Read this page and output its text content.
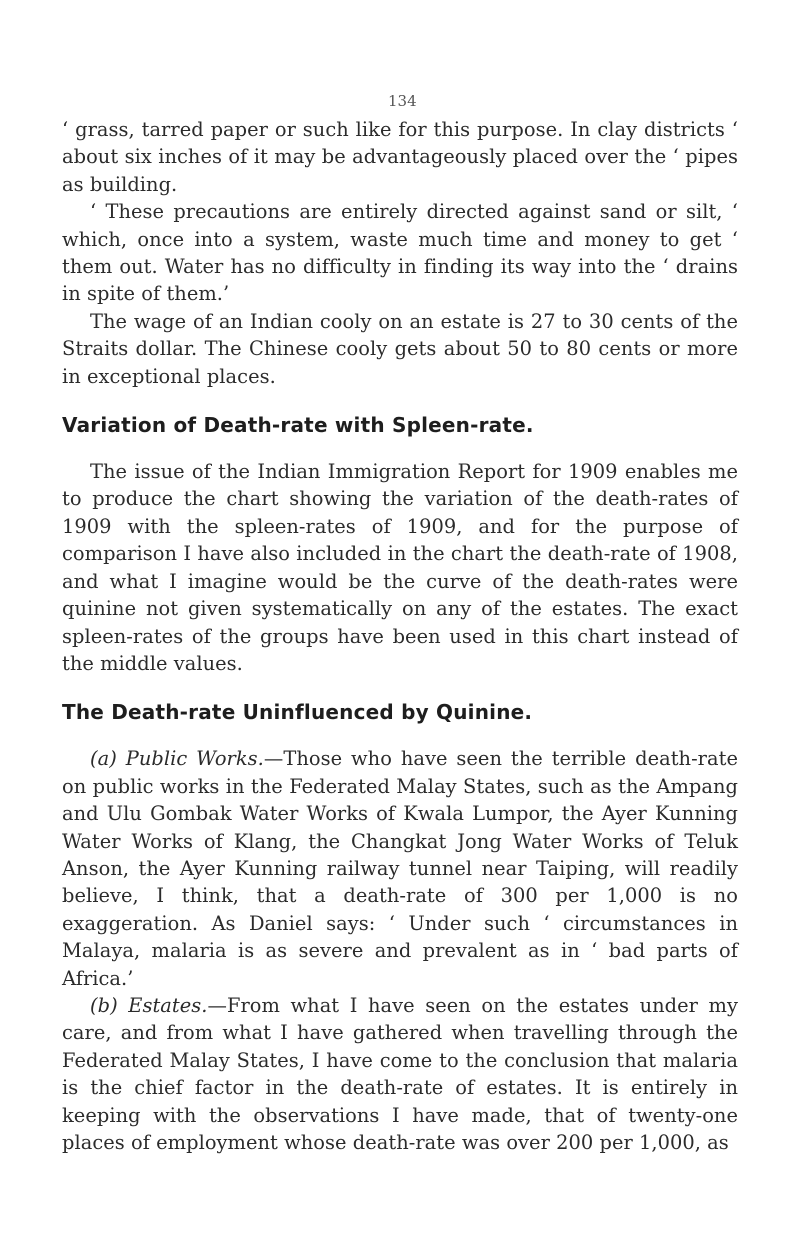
134

‘ grass, tarred paper or such like for this purpose. In clay districts ‘ about six inches of it may be advantageously placed over the ‘ pipes as building.

‘ These precautions are entirely directed against sand or silt, ‘ which, once into a system, waste much time and money to get ‘ them out. Water has no difficulty in finding its way into the ‘ drains in spite of them.’

The wage of an Indian cooly on an estate is 27 to 30 cents of the Straits dollar. The Chinese cooly gets about 50 to 80 cents or more in exceptional places.

Variation of Death-rate with Spleen-rate.

The issue of the Indian Immigration Report for 1909 enables me to produce the chart showing the variation of the death-rates of 1909 with the spleen-rates of 1909, and for the purpose of comparison I have also included in the chart the death-rate of 1908, and what I imagine would be the curve of the death-rates were quinine not given systematically on any of the estates. The exact spleen-rates of the groups have been used in this chart instead of the middle values.

The Death-rate Uninfluenced by Quinine.

(a) Public Works.—Those who have seen the terrible death-rate on public works in the Federated Malay States, such as the Ampang and Ulu Gombak Water Works of Kwala Lumpor, the Ayer Kunning Water Works of Klang, the Changkat Jong Water Works of Teluk Anson, the Ayer Kunning railway tunnel near Taiping, will readily believe, I think, that a death-rate of 300 per 1,000 is no exaggeration. As Daniel says: ‘ Under such ‘ circumstances in Malaya, malaria is as severe and prevalent as in ‘ bad parts of Africa.’

(b) Estates.—From what I have seen on the estates under my care, and from what I have gathered when travelling through the Federated Malay States, I have come to the conclusion that malaria is the chief factor in the death-rate of estates. It is entirely in keeping with the observations I have made, that of twenty-one places of employment whose death-rate was over 200 per 1,000, as
